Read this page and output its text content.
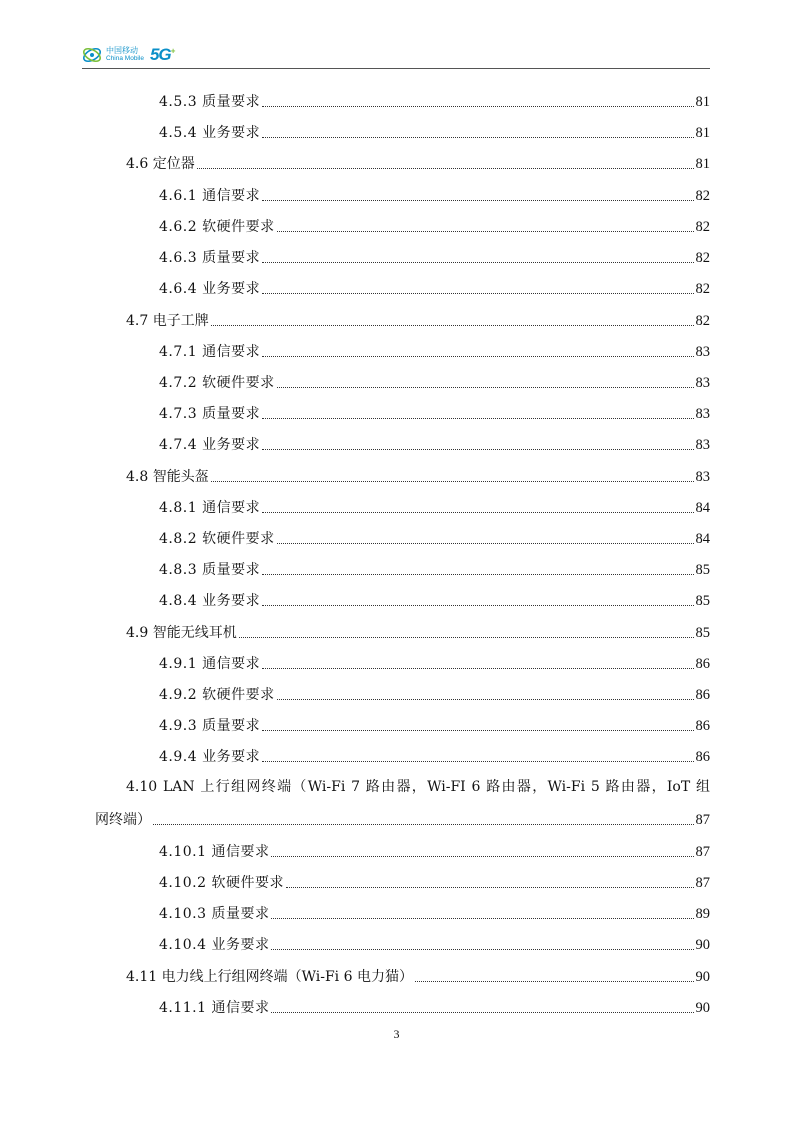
中国移动
China Mobile 5G+
4.5.3 质量要求	81
4.5.4 业务要求	81
4.6 定位器	81
4.6.1 通信要求	82
4.6.2 软硬件要求	82
4.6.3 质量要求	82
4.6.4 业务要求	82
4.7 电子工牌	82
4.7.1 通信要求	83
4.7.2 软硬件要求	83
4.7.3 质量要求	83
4.7.4 业务要求	83
4.8 智能头盔	83
4.8.1 通信要求	84
4.8.2 软硬件要求	84
4.8.3 质量要求	85
4.8.4 业务要求	85
4.9 智能无线耳机	85
4.9.1 通信要求	86
4.9.2 软硬件要求	86
4.9.3 质量要求	86
4.9.4 业务要求	86
4.10 LAN 上行组网终端（Wi-Fi 7 路由器，Wi-FI 6 路由器，Wi-Fi 5 路由器，IoT 组
网终端）	87
4.10.1 通信要求	87
4.10.2 软硬件要求	87
4.10.3 质量要求	89
4.10.4 业务要求	90
4.11 电力线上行组网终端（Wi-Fi 6 电力猫）	90
4.11.1 通信要求	90
3
